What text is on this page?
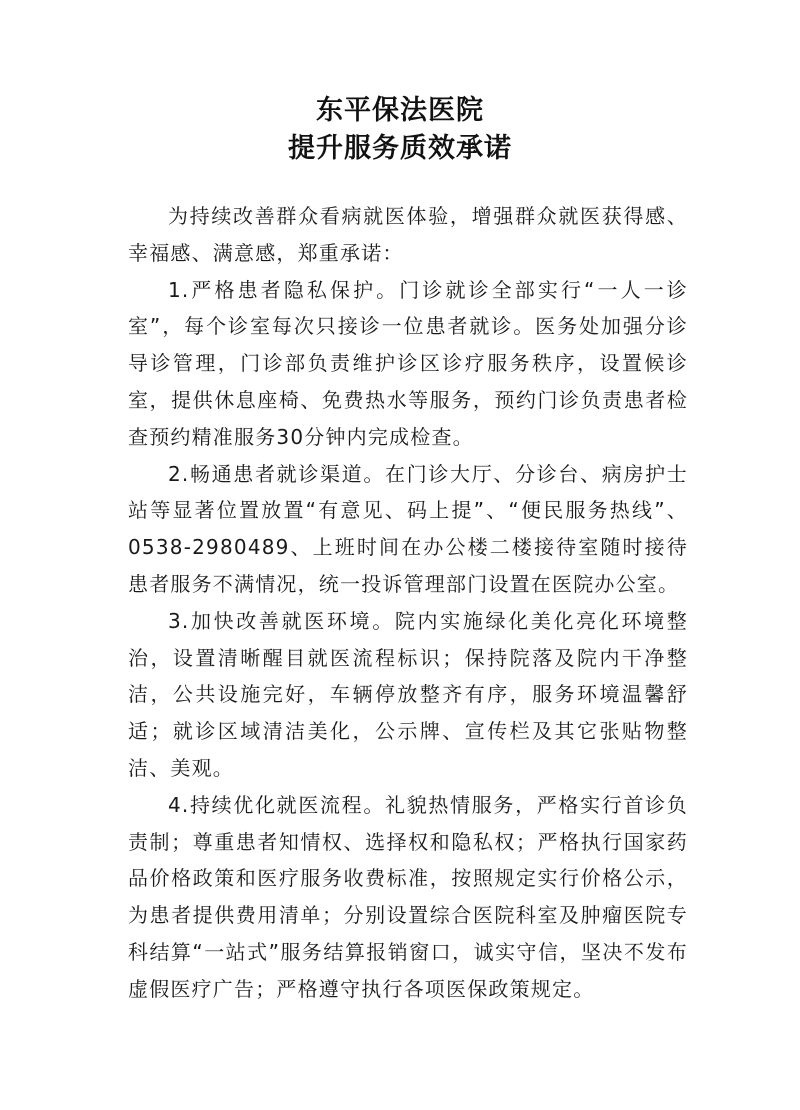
东平保法医院
提升服务质效承诺

为持续改善群众看病就医体验，增强群众就医获得感、幸福感、满意感，郑重承诺：

1.严格患者隐私保护。门诊就诊全部实行“一人一诊室”，每个诊室每次只接诊一位患者就诊。医务处加强分诊导诊管理，门诊部负责维护诊区诊疗服务秩序，设置候诊室，提供休息座椅、免费热水等服务，预约门诊负责患者检查预约精准服务30分钟内完成检查。

2.畅通患者就诊渠道。在门诊大厅、分诊台、病房护士站等显著位置放置“有意见、码上提”、“便民服务热线”、0538-2980489、上班时间在办公楼二楼接待室随时接待患者服务不满情况，统一投诉管理部门设置在医院办公室。

3.加快改善就医环境。院内实施绿化美化亮化环境整治，设置清晰醒目就医流程标识；保持院落及院内干净整洁，公共设施完好，车辆停放整齐有序，服务环境温馨舒适；就诊区域清洁美化，公示牌、宣传栏及其它张贴物整洁、美观。

4.持续优化就医流程。礼貌热情服务，严格实行首诊负责制；尊重患者知情权、选择权和隐私权；严格执行国家药品价格政策和医疗服务收费标准，按照规定实行价格公示，为患者提供费用清单；分别设置综合医院科室及肿瘤医院专科结算“一站式”服务结算报销窗口，诚实守信，坚决不发布虚假医疗广告；严格遵守执行各项医保政策规定。
